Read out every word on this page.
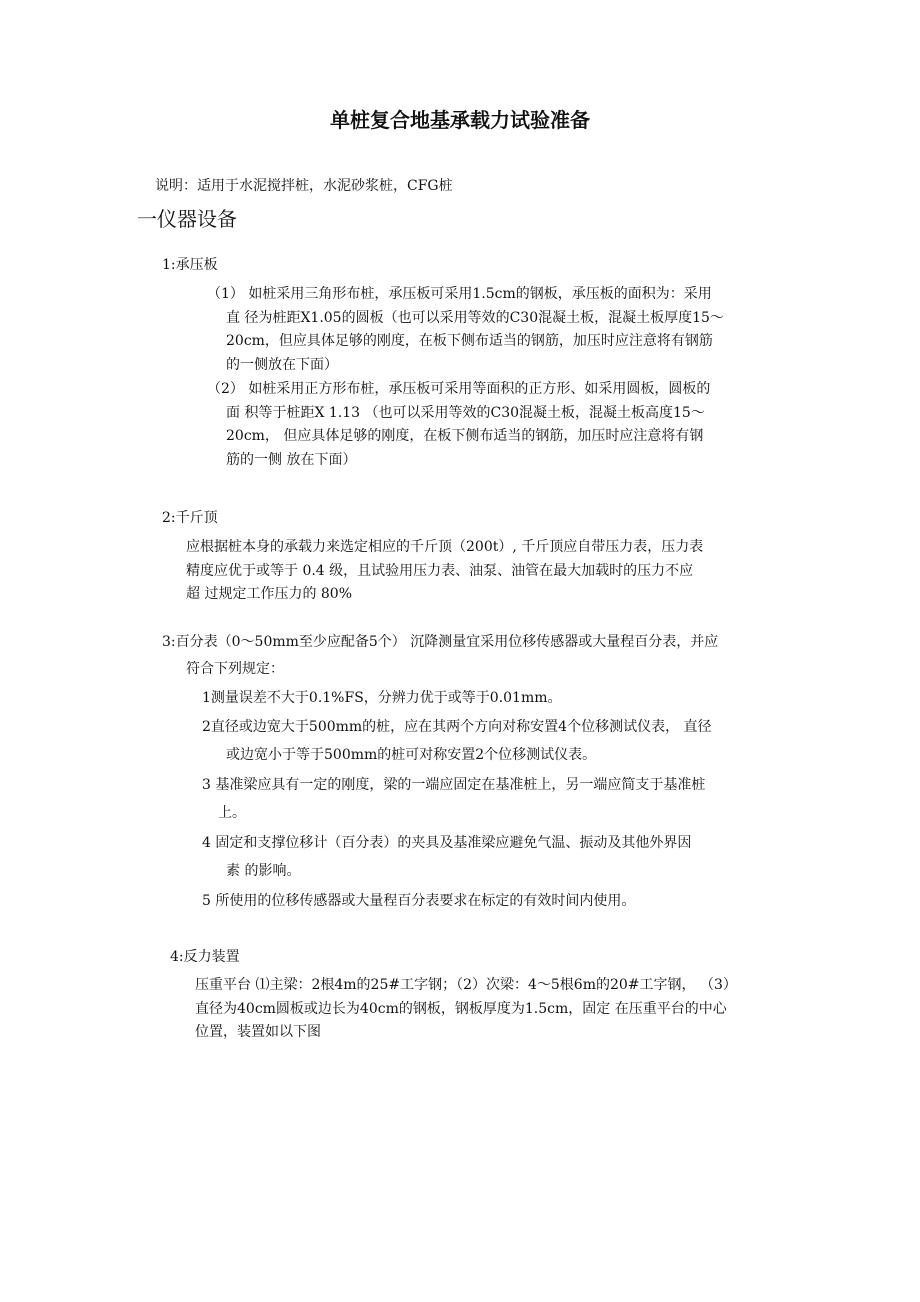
单桩复合地基承载力试验准备
说明：适用于水泥搅拌桩，水泥砂浆桩，CFG桩
一仪器设备
1:承压板
（1） 如桩采用三角形布桩，承压板可采用1.5cm的钢板，承压板的面积为：采用
直 径为桩距X1.05的圆板（也可以采用等效的C30混凝土板，混凝土板厚度15～
20cm，但应具体足够的刚度，在板下侧布适当的钢筋，加压时应注意将有钢筋
的一侧放在下面）
（2） 如桩采用正方形布桩，承压板可采用等面积的正方形、如采用圆板，圆板的
面 积等于桩距X 1.13 （也可以采用等效的C30混凝土板，混凝土板高度15～
20cm， 但应具体足够的刚度，在板下侧布适当的钢筋，加压时应注意将有钢
筋的一侧 放在下面）
2:千斤顶
应根据桩本身的承载力来选定相应的千斤顶（200t）, 千斤顶应自带压力表，压力表
精度应优于或等于 0.4 级，且试验用压力表、油泵、油管在最大加载时的压力不应
超 过规定工作压力的 80%
3:百分表（0～50mm至少应配备5个） 沉降测量宜采用位移传感器或大量程百分表，并应
符合下列规定：
1测量误差不大于0.1%FS，分辨力优于或等于0.01mm。
2直径或边宽大于500mm的桩，应在其两个方向对称安置4个位移测试仪表， 直径
或边宽小于等于500mm的桩可对称安置2个位移测试仪表。
3 基准梁应具有一定的刚度，梁的一端应固定在基准桩上，另一端应简支于基准桩
上。
4 固定和支撑位移计（百分表）的夹具及基准梁应避免气温、振动及其他外界因
素 的影响。
5 所使用的位移传感器或大量程百分表要求在标定的有效时间内使用。
4:反力装置
压重平台 ⑴主梁：2根4m的25#工字钢；（2）次梁：4～5根6m的20#工字钢， （3）
直径为40cm圆板或边长为40cm的钢板，钢板厚度为1.5cm，固定 在压重平台的中心
位置，装置如以下图
